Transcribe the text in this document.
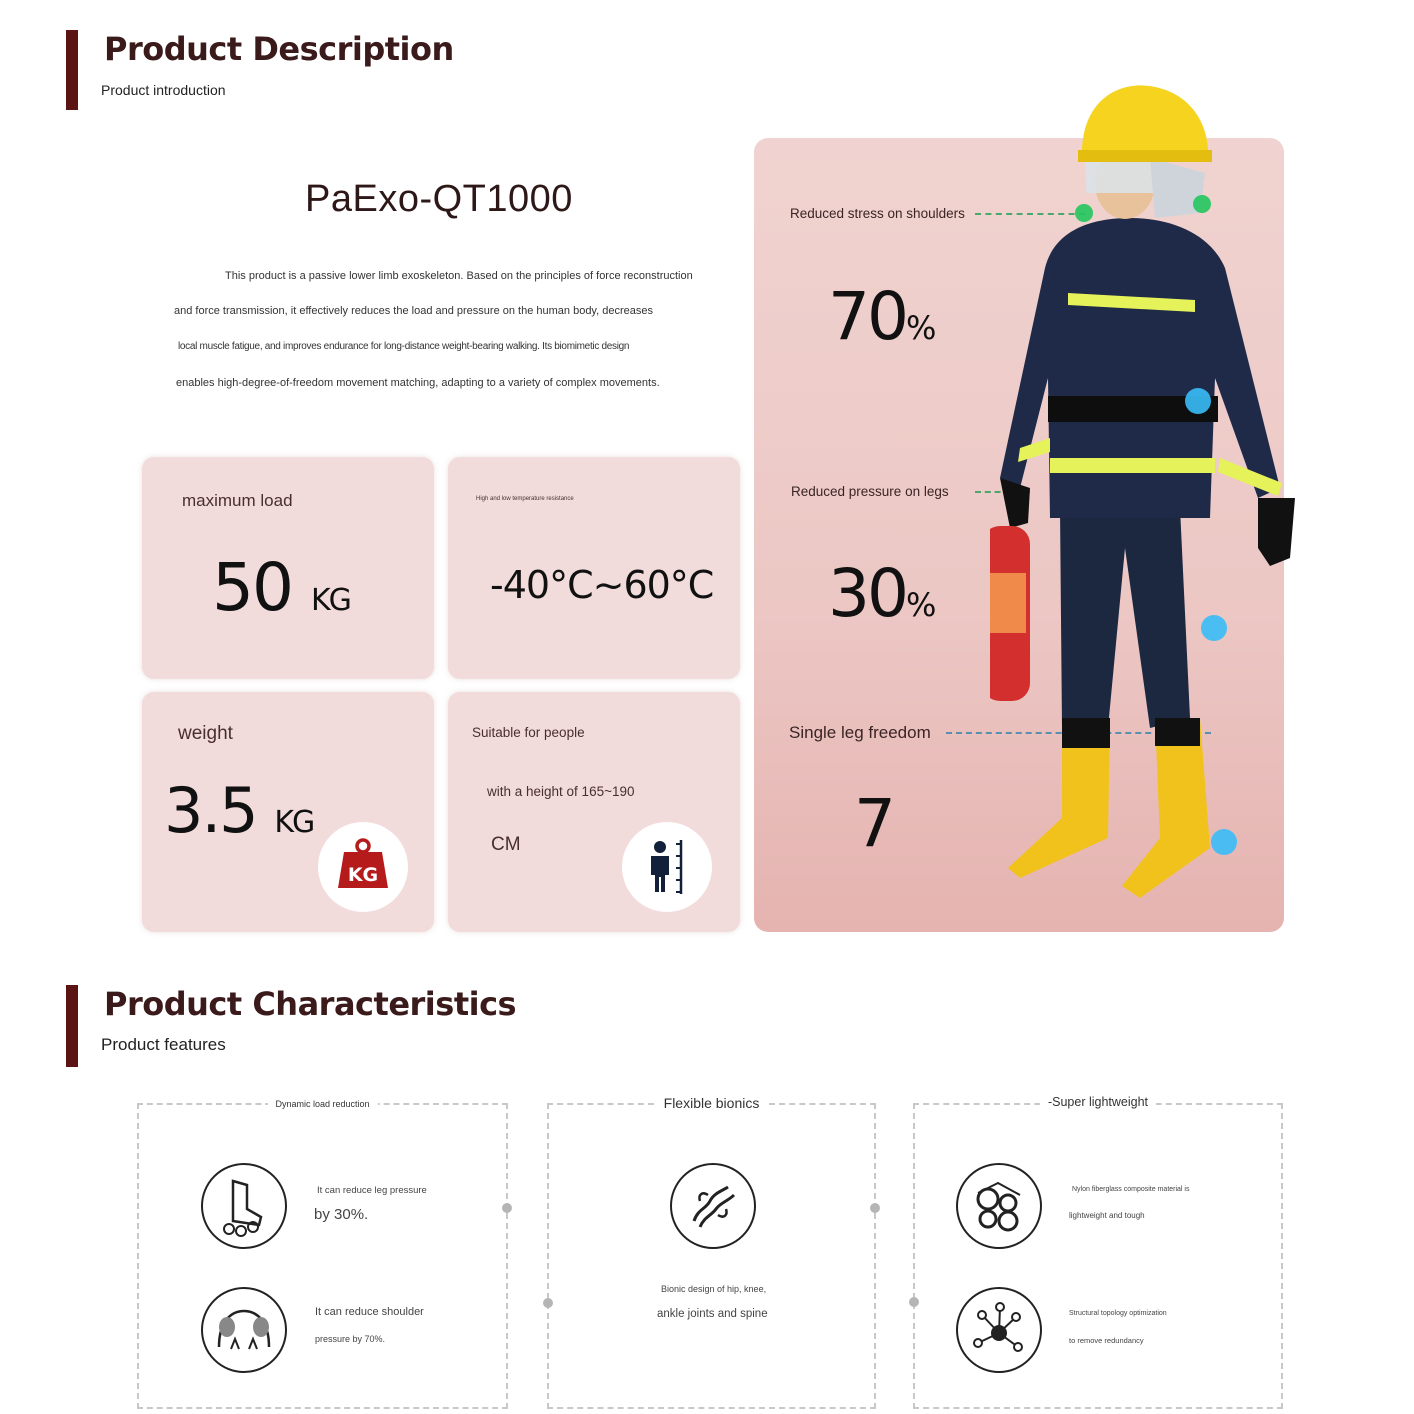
Product Description
Product introduction
PaExo-QT1000
This product is a passive lower limb exoskeleton. Based on the principles of force reconstruction
and force transmission, it effectively reduces the load and pressure on the human body, decreases
local muscle fatigue, and improves endurance for long-distance weight-bearing walking. Its biomimetic design
enables high-degree-of-freedom movement matching, adapting to a variety of complex movements.
maximum load
50 KG
High and low temperature resistance
-40°C~60°C
weight
3.5 KG
KG
Suitable for people
with a height of 165~190
CM
Reduced stress on shoulders
70%
Reduced pressure on legs
30%
Single leg freedom
7
Product Characteristics
Product features
Dynamic load reduction
It can reduce leg pressure
by 30%.
It can reduce shoulder
pressure by 70%.
Flexible bionics
Bionic design of hip, knee,
ankle joints and spine
-Super lightweight
Nylon fiberglass composite material is
lightweight and tough
Structural topology optimization
to remove redundancy
